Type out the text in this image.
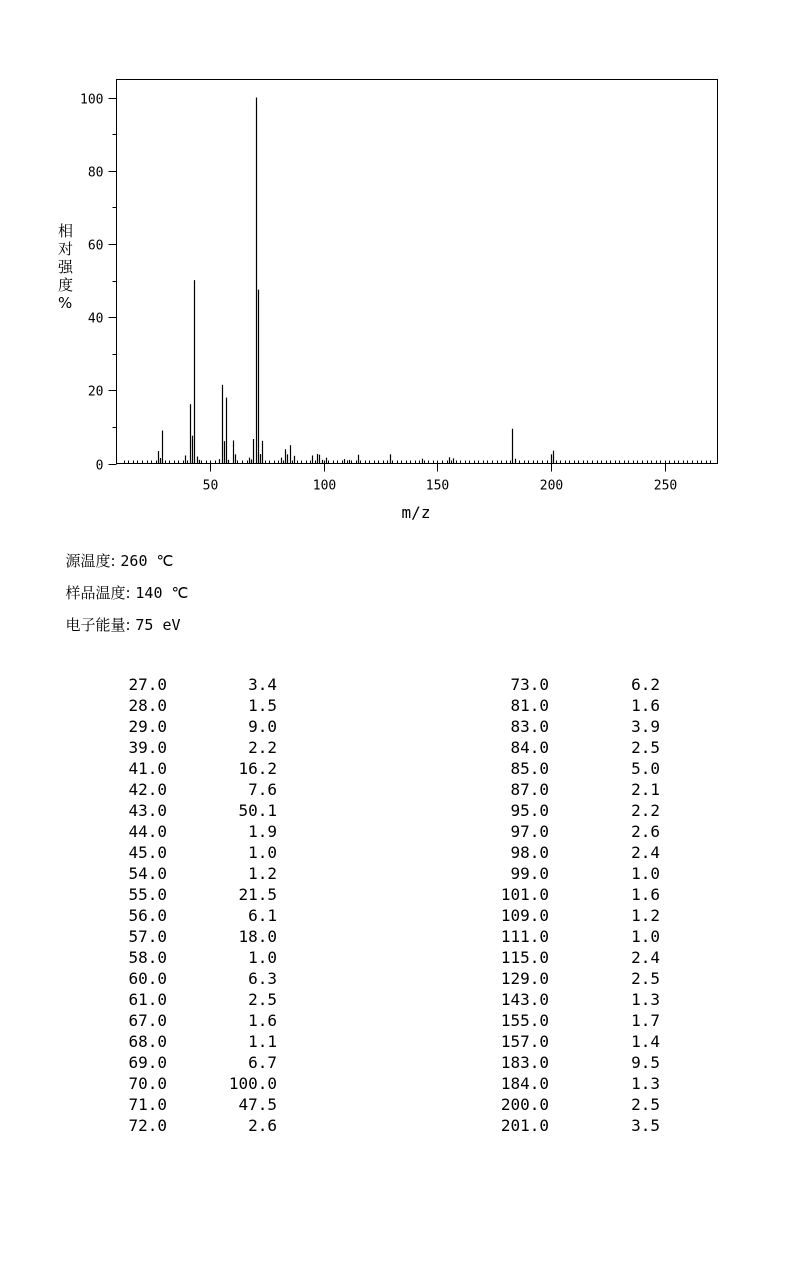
0
20
40
60
80
100
50	100	150	200	250
m/z
相对强度%

源温度: 260 ℃

样品温度: 140 ℃

电子能量: 75 eV

27.0	3.4
28.0	1.5
29.0	9.0
39.0	2.2
41.0	16.2
42.0	7.6
43.0	50.1
44.0	1.9
45.0	1.0
54.0	1.2
55.0	21.5
56.0	6.1
57.0	18.0
58.0	1.0
60.0	6.3
61.0	2.5
67.0	1.6
68.0	1.1
69.0	6.7
70.0	100.0
71.0	47.5
72.0	2.6
73.0	6.2
81.0	1.6
83.0	3.9
84.0	2.5
85.0	5.0
87.0	2.1
95.0	2.2
97.0	2.6
98.0	2.4
99.0	1.0
101.0	1.6
109.0	1.2
111.0	1.0
115.0	2.4
129.0	2.5
143.0	1.3
155.0	1.7
157.0	1.4
183.0	9.5
184.0	1.3
200.0	2.5
201.0	3.5
